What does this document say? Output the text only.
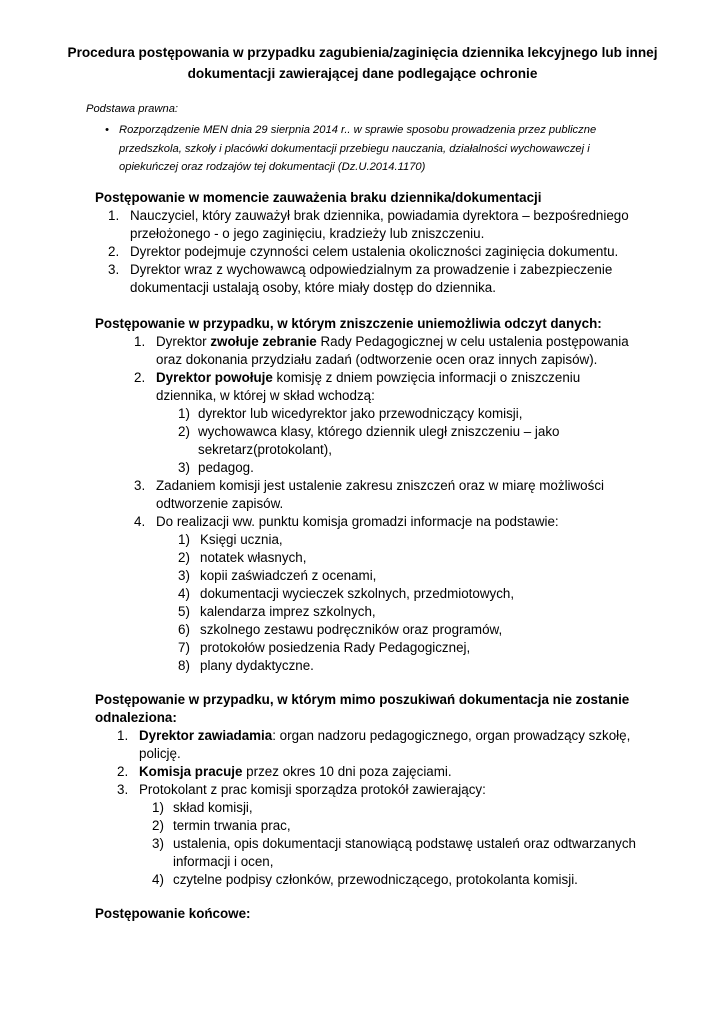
Procedura postępowania w przypadku zagubienia/zaginięcia dziennika lekcyjnego lub innej dokumentacji zawierającej dane podlegające ochronie
Podstawa prawna:
• Rozporządzenie MEN dnia 29 sierpnia 2014 r.. w sprawie sposobu prowadzenia przez publiczne przedszkola, szkoły i placówki dokumentacji przebiegu nauczania, działalności wychowawczej i opiekuńczej oraz rodzajów tej dokumentacji (Dz.U.2014.1170)
Postępowanie w momencie zauważenia braku dziennika/dokumentacji
1. Nauczyciel, który zauważył brak dziennika, powiadamia dyrektora – bezpośredniego przełożonego - o jego zaginięciu, kradzieży lub zniszczeniu.
2. Dyrektor podejmuje czynności celem ustalenia okoliczności zaginięcia dokumentu.
3. Dyrektor wraz z wychowawcą odpowiedzialnym za prowadzenie i zabezpieczenie dokumentacji ustalają osoby, które miały dostęp do dziennika.
Postępowanie w przypadku, w którym zniszczenie uniemożliwia odczyt danych:
1. Dyrektor zwołuje zebranie Rady Pedagogicznej w celu ustalenia postępowania oraz dokonania przydziału zadań (odtworzenie ocen oraz innych zapisów).
2. Dyrektor powołuje komisję z dniem powzięcia informacji o zniszczeniu dziennika, w której w skład wchodzą:
1) dyrektor lub wicedyrektor jako przewodniczący komisji,
2) wychowawca klasy, którego dziennik uległ zniszczeniu – jako sekretarz(protokolant),
3) pedagog.
3. Zadaniem komisji jest ustalenie zakresu zniszczeń oraz w miarę możliwości odtworzenie zapisów.
4. Do realizacji ww. punktu komisja gromadzi informacje na podstawie:
1) Księgi ucznia,
2) notatek własnych,
3) kopii zaświadczeń z ocenami,
4) dokumentacji wycieczek szkolnych, przedmiotowych,
5) kalendarza imprez szkolnych,
6) szkolnego zestawu podręczników oraz programów,
7) protokołów posiedzenia Rady Pedagogicznej,
8) plany dydaktyczne.
Postępowanie w przypadku, w którym mimo poszukiwań dokumentacja nie zostanie odnaleziona:
1. Dyrektor zawiadamia: organ nadzoru pedagogicznego, organ prowadzący szkołę, policję.
2. Komisja pracuje przez okres 10 dni poza zajęciami.
3. Protokolant z prac komisji sporządza protokół zawierający:
1) skład komisji,
2) termin trwania prac,
3) ustalenia, opis dokumentacji stanowiącą podstawę ustaleń oraz odtwarzanych informacji i ocen,
4) czytelne podpisy członków, przewodniczącego, protokolanta komisji.
Postępowanie końcowe:
